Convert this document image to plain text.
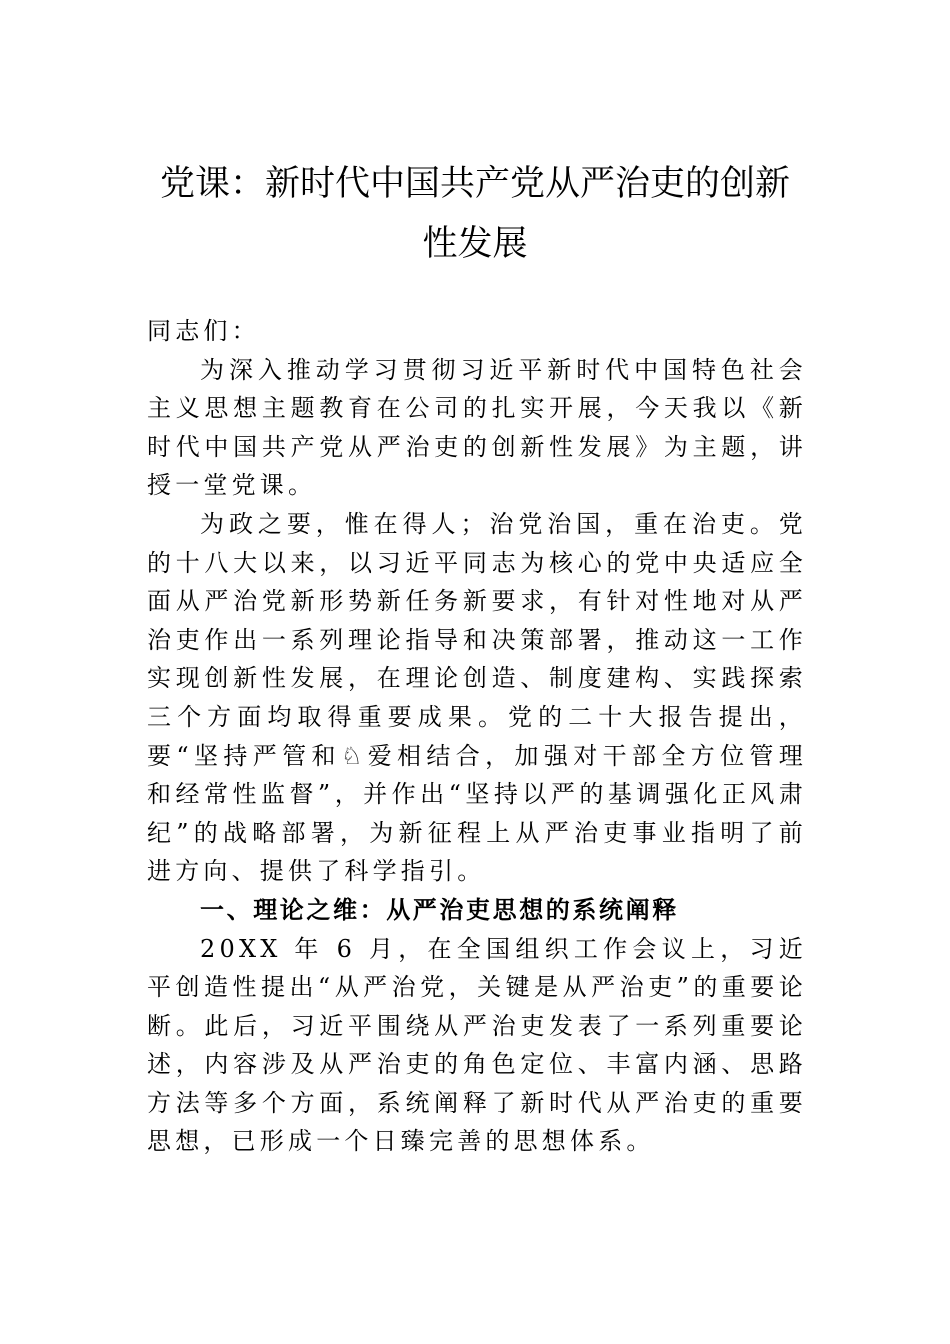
党课：新时代中国共产党从严治吏的创新
性发展

同志们：

为深入推动学习贯彻习近平新时代中国特色社会主义思想主题教育在公司的扎实开展，今天我以《新时代中国共产党从严治吏的创新性发展》为主题，讲授一堂党课。

为政之要，惟在得人；治党治国，重在治吏。党的十八大以来，以习近平同志为核心的党中央适应全面从严治党新形势新任务新要求，有针对性地对从严治吏作出一系列理论指导和决策部署，推动这一工作实现创新性发展，在理论创造、制度建构、实践探索三个方面均取得重要成果。党的二十大报告提出，要“坚持严管和♘爱相结合，加强对干部全方位管理和经常性监督”，并作出“坚持以严的基调强化正风肃纪”的战略部署，为新征程上从严治吏事业指明了前进方向、提供了科学指引。

一、理论之维：从严治吏思想的系统阐释

20XX 年 6 月，在全国组织工作会议上，习近平创造性提出“从严治党，关键是从严治吏”的重要论断。此后，习近平围绕从严治吏发表了一系列重要论述，内容涉及从严治吏的角色定位、丰富内涵、思路方法等多个方面，系统阐释了新时代从严治吏的重要思想，已形成一个日臻完善的思想体系。
